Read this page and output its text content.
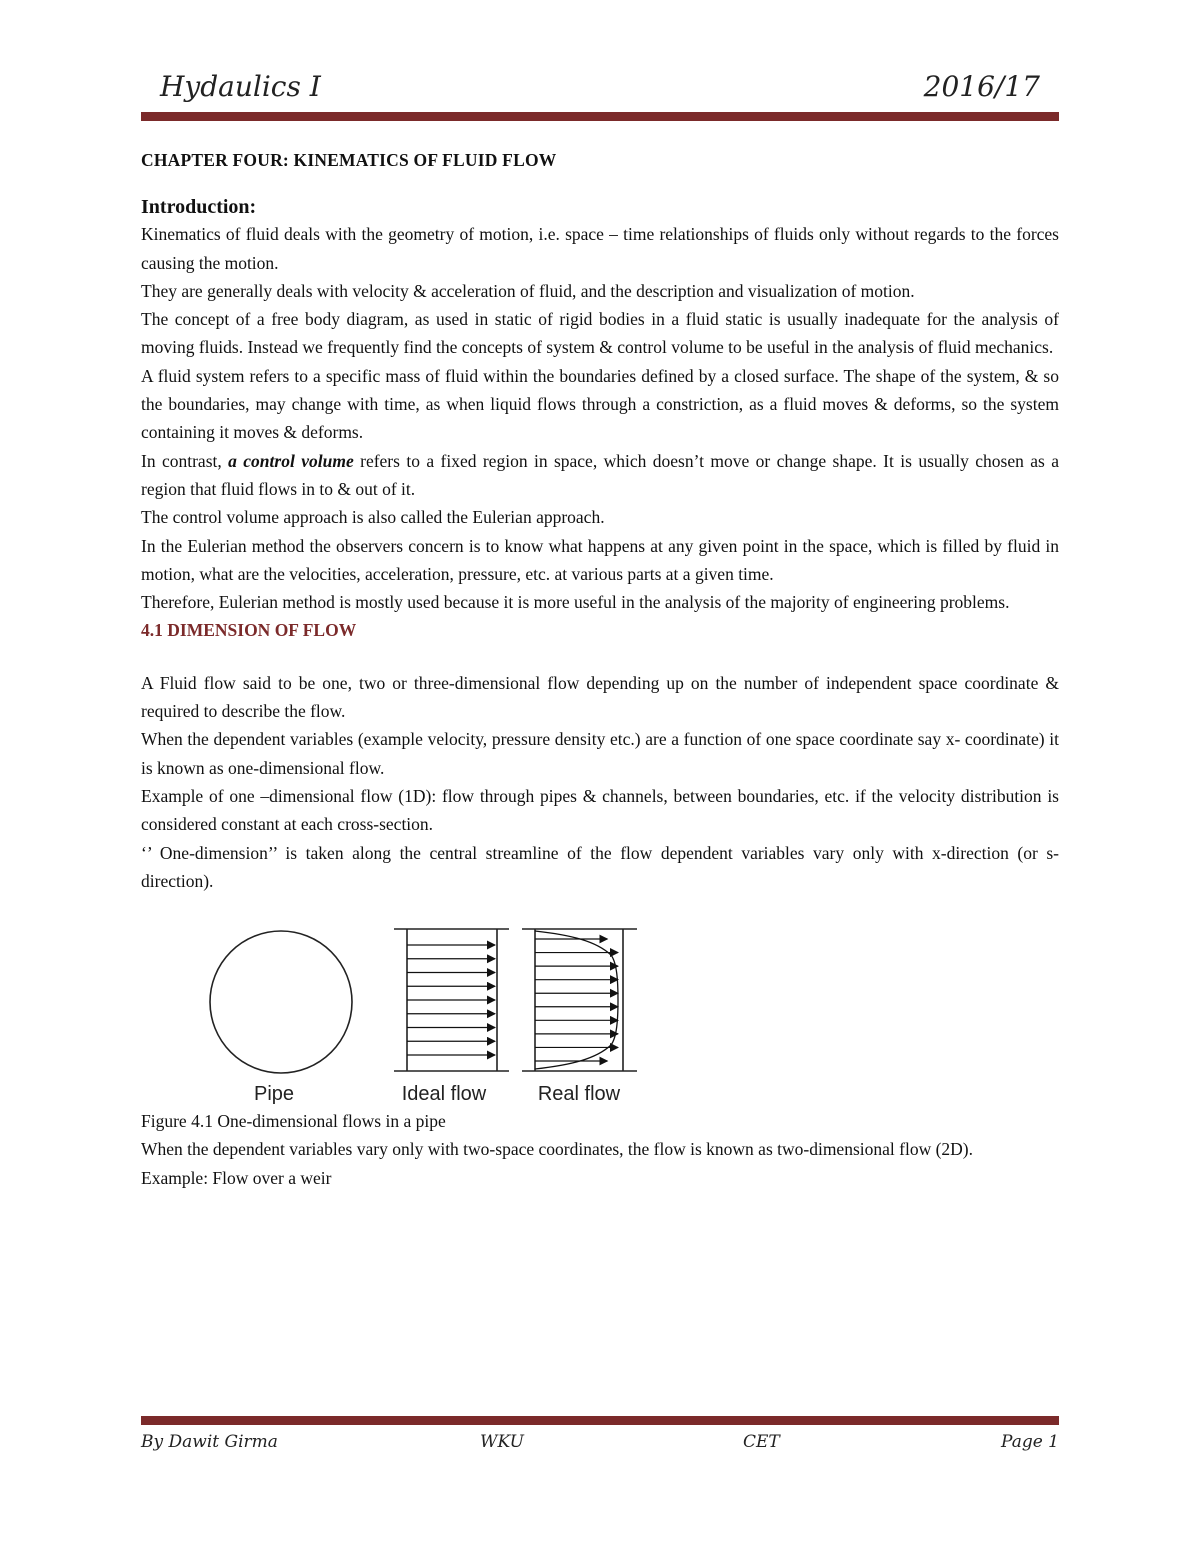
Hydaulics I	2016/17
CHAPTER FOUR: KINEMATICS OF FLUID FLOW
Introduction:

Kinematics of fluid deals with the geometry of motion, i.e. space – time relationships of fluids only without regards to the forces causing the motion.

They are generally deals with velocity & acceleration of fluid, and the description and visualization of motion.

The concept of a free body diagram, as used in static of rigid bodies in a fluid static is usually inadequate for the analysis of moving fluids. Instead we frequently find the concepts of system & control volume to be useful in the analysis of fluid mechanics.

A fluid system refers to a specific mass of fluid within the boundaries defined by a closed surface. The shape of the system, & so the boundaries, may change with time, as when liquid flows through a constriction, as a fluid moves & deforms, so the system containing it moves & deforms.

In contrast, a control volume refers to a fixed region in space, which doesn’t move or change shape. It is usually chosen as a region that fluid flows in to & out of it.

The control volume approach is also called the Eulerian approach.

In the Eulerian method the observers concern is to know what happens at any given point in the space, which is filled by fluid in motion, what are the velocities, acceleration, pressure, etc. at various parts at a given time.

Therefore, Eulerian method is mostly used because it is more useful in the analysis of the majority of engineering problems.

4.1 DIMENSION OF FLOW

A Fluid flow said to be one, two or three-dimensional flow depending up on the number of independent space coordinate & required to describe the flow.

When the dependent variables (example velocity, pressure density etc.) are a function of one space coordinate say x- coordinate) it is known as one-dimensional flow.

Example of one –dimensional flow (1D): flow through pipes & channels, between boundaries, etc. if the velocity distribution is considered constant at each cross-section.

‘’ One-dimension’’ is taken along the central streamline of the flow dependent variables vary only with x-direction (or s- direction).

Pipe	Ideal flow	Real flow

Figure 4.1 One-dimensional flows in a pipe

When the dependent variables vary only with two-space coordinates, the flow is known as two-dimensional flow (2D).

Example: Flow over a weir

By Dawit Girma	WKU	CET	Page 1
